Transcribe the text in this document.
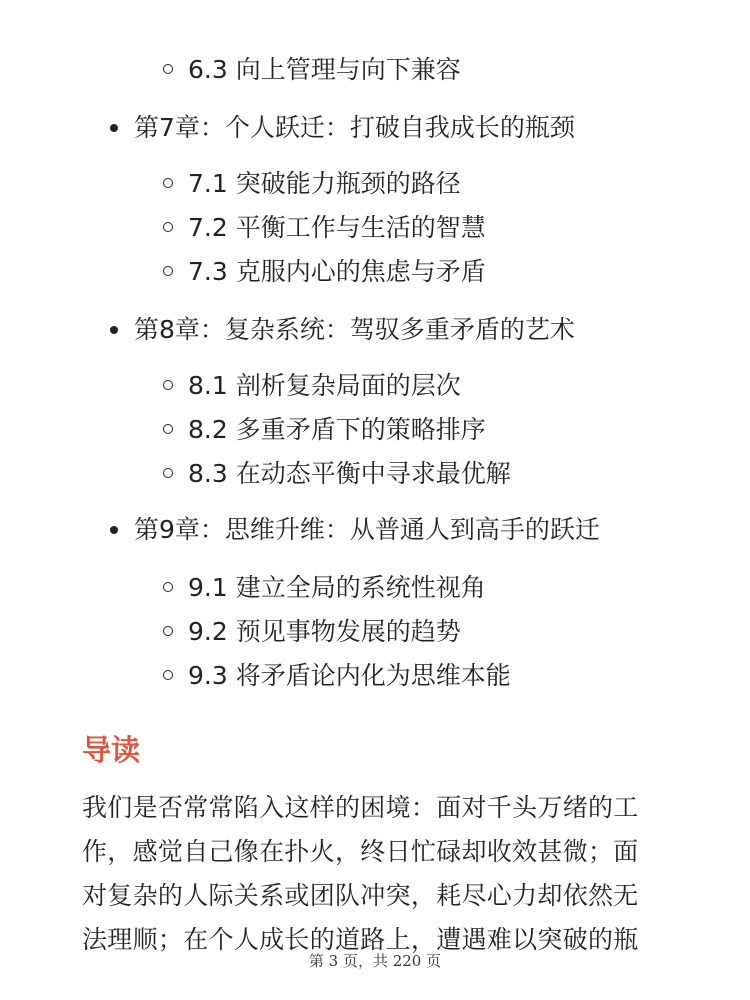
6.3 向上管理与向下兼容
第7章：个人跃迁：打破自我成长的瓶颈
7.1 突破能力瓶颈的路径
7.2 平衡工作与生活的智慧
7.3 克服内心的焦虑与矛盾
第8章：复杂系统：驾驭多重矛盾的艺术
8.1 剖析复杂局面的层次
8.2 多重矛盾下的策略排序
8.3 在动态平衡中寻求最优解
第9章：思维升维：从普通人到高手的跃迁
9.1 建立全局的系统性视角
9.2 预见事物发展的趋势
9.3 将矛盾论内化为思维本能
导读
我们是否常常陷入这样的困境：面对千头万绪的工
作，感觉自己像在扑火，终日忙碌却收效甚微；面
对复杂的人际关系或团队冲突，耗尽心力却依然无
法理顺；在个人成长的道路上，遭遇难以突破的瓶
第 3 页，共 220 页
